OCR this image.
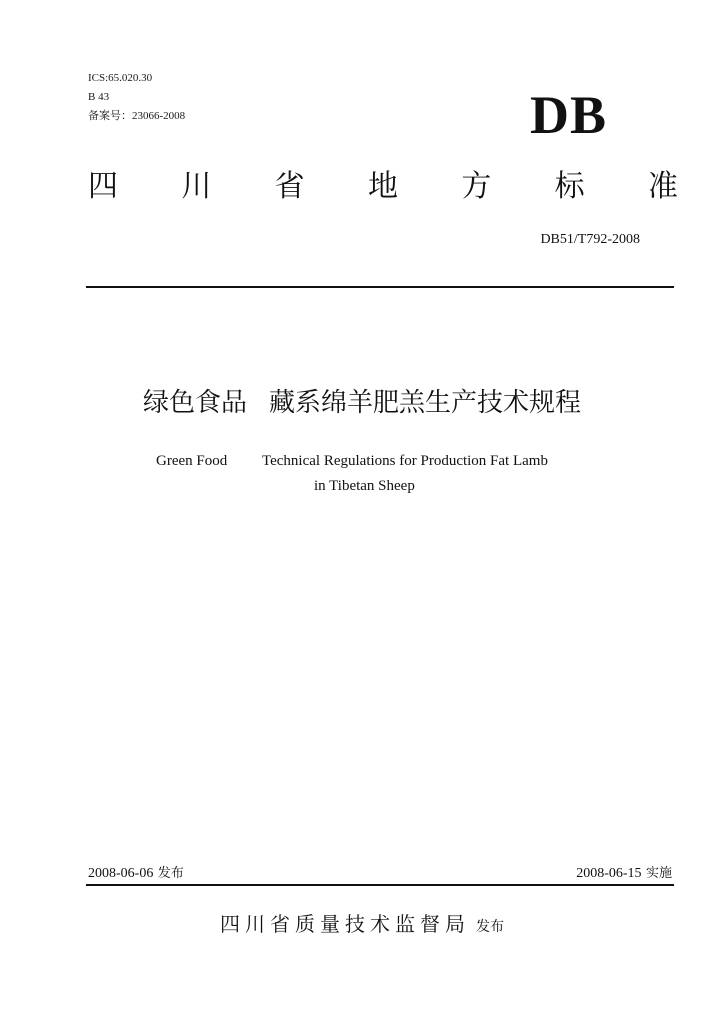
ICS:65.020.30
B 43
备案号：23066-2008	DB
四 川 省 地 方 标 准
DB51/T792-2008
绿色食品 藏系绵羊肥羔生产技术规程
Green Food Technical Regulations for Production Fat Lamb
in Tibetan Sheep
2008-06-06 发布	2008-06-15 实施
四川省质量技术监督局 发布
